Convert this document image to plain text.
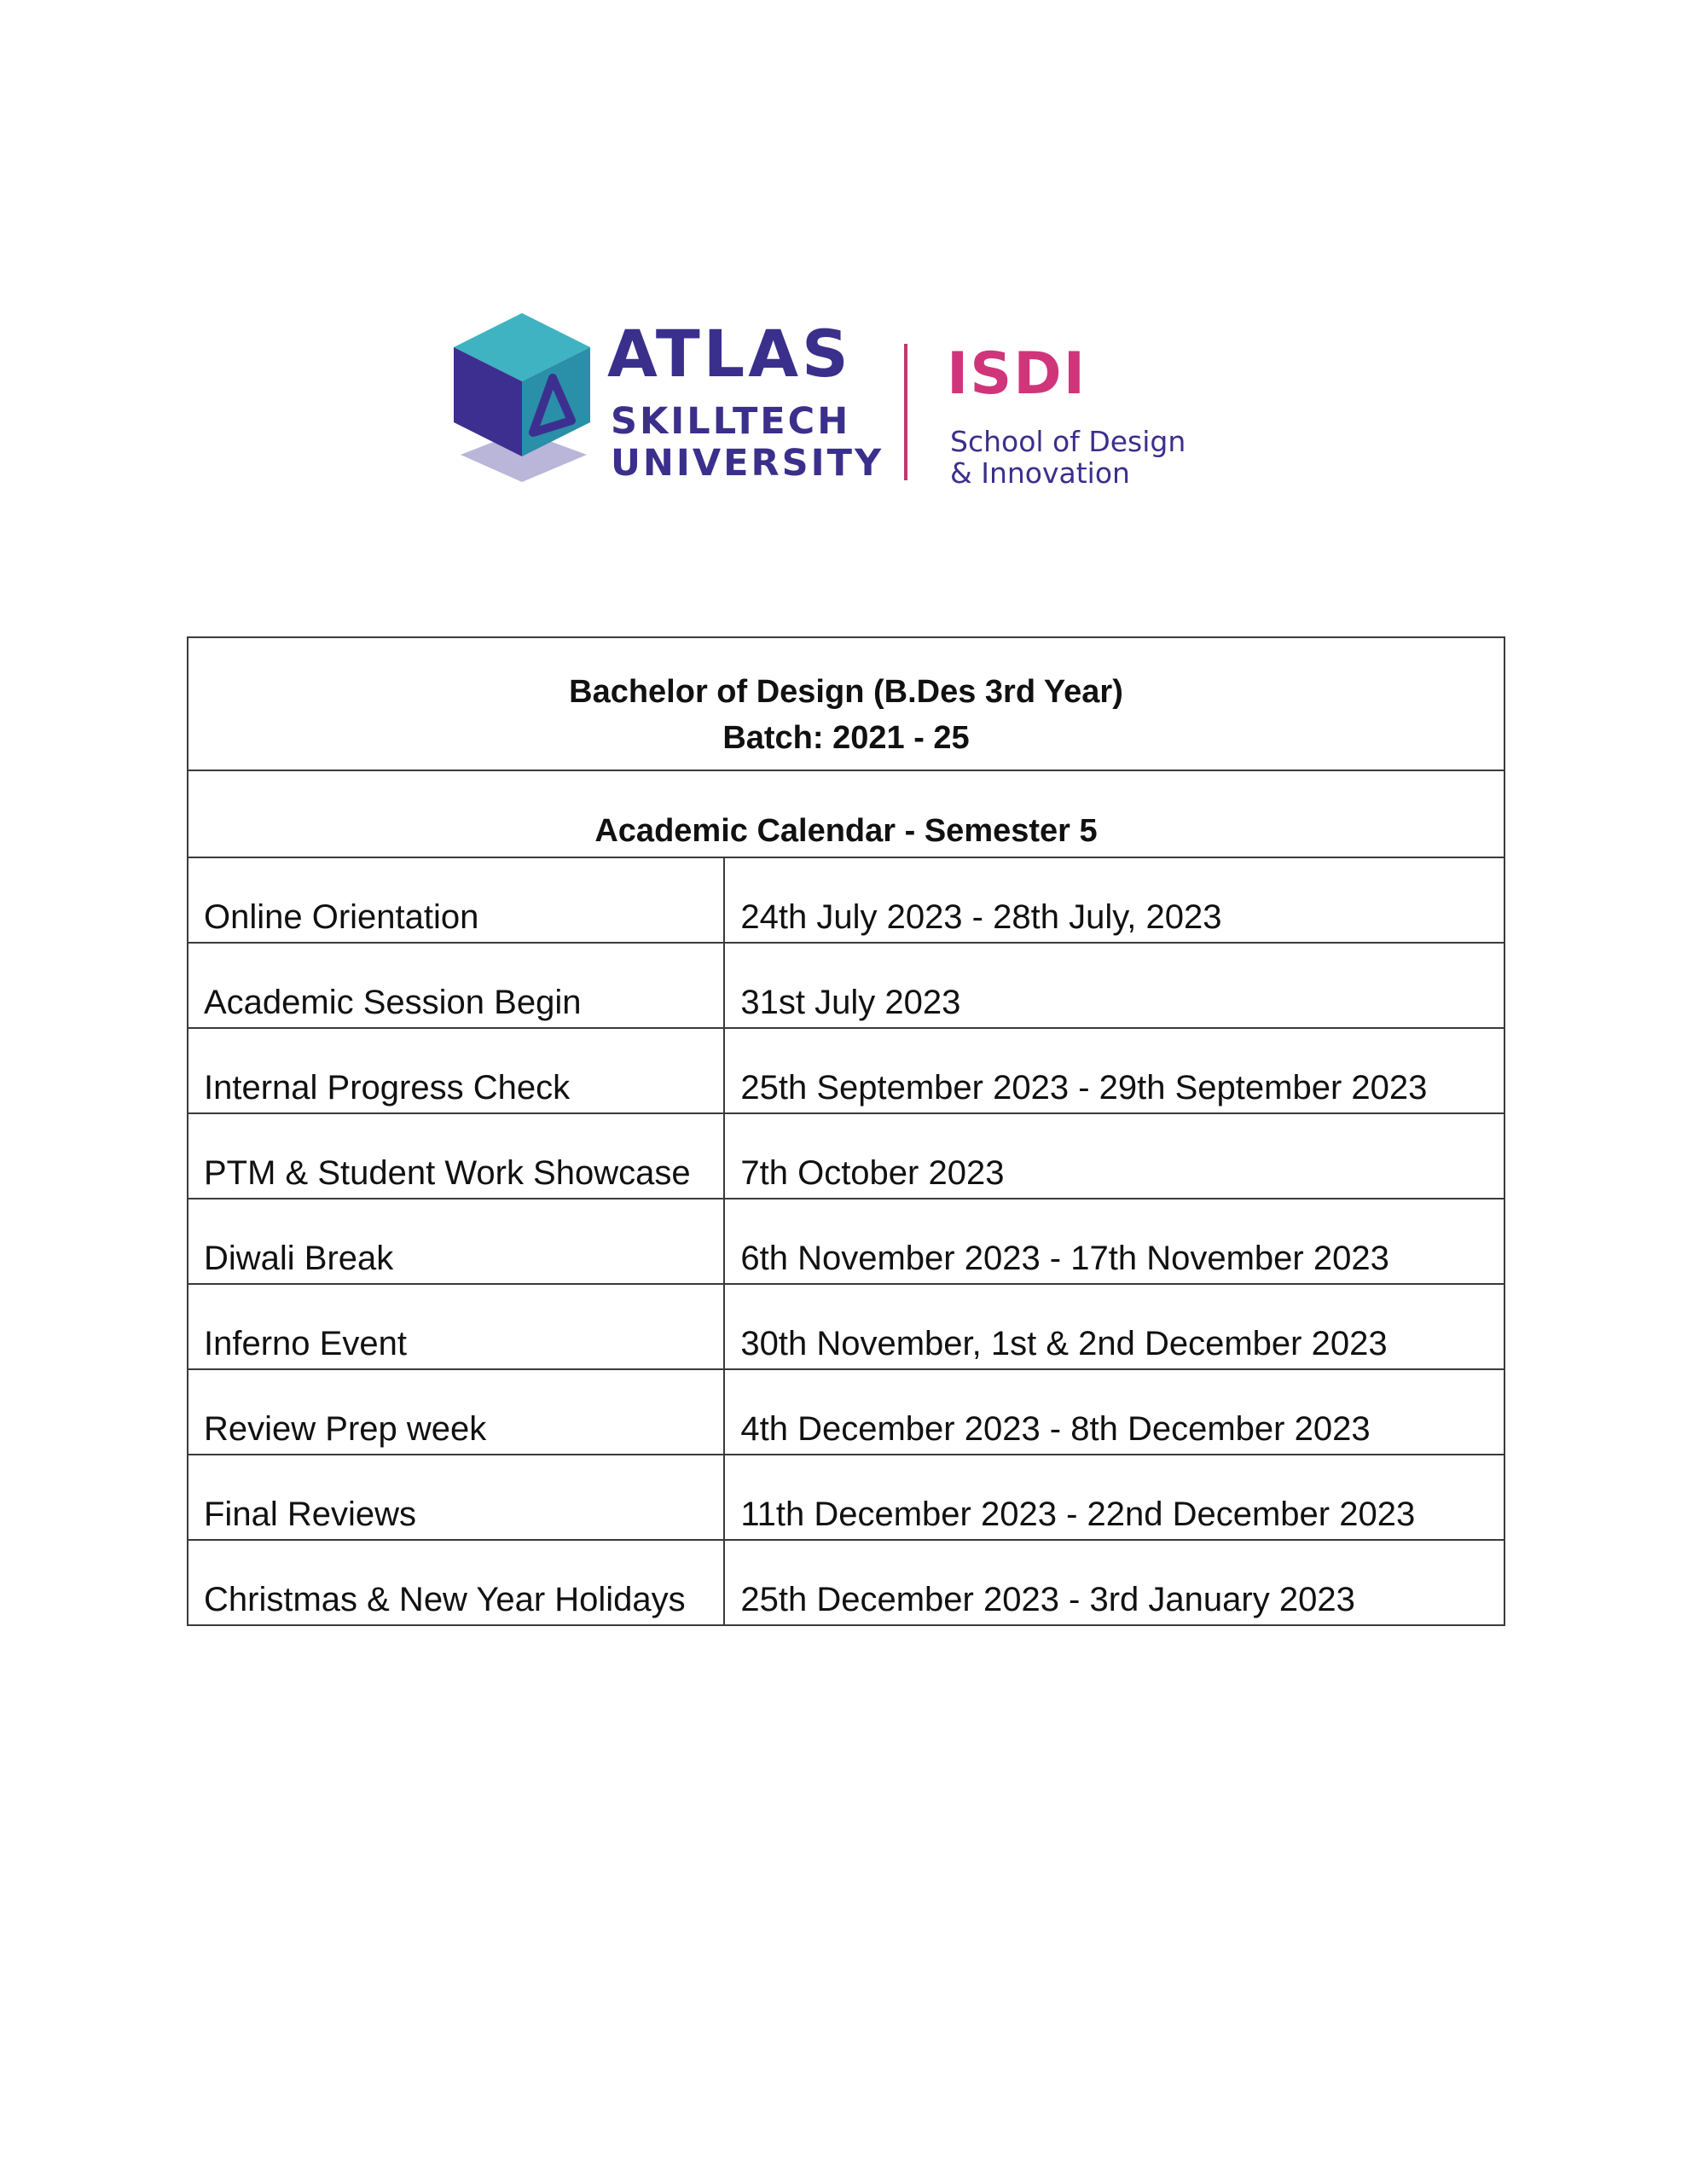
ATLAS
SKILLTECH
UNIVERSITY
ISDI
School of Design
& Innovation
Bachelor of Design (B.Des 3rd Year)
Batch: 2021 - 25	

Academic Calendar - Semester 5	
Online Orientation	24th July 2023 - 28th July, 2023
Academic Session Begin	31st July 2023
Internal Progress Check	25th September 2023 - 29th September 2023
PTM & Student Work Showcase	7th October 2023
Diwali Break	6th November 2023 - 17th November 2023
Inferno Event	30th November, 1st & 2nd December 2023
Review Prep week	4th December 2023 - 8th December 2023
Final Reviews	11th December 2023 - 22nd December 2023
Christmas & New Year Holidays	25th December 2023 - 3rd January 2023
